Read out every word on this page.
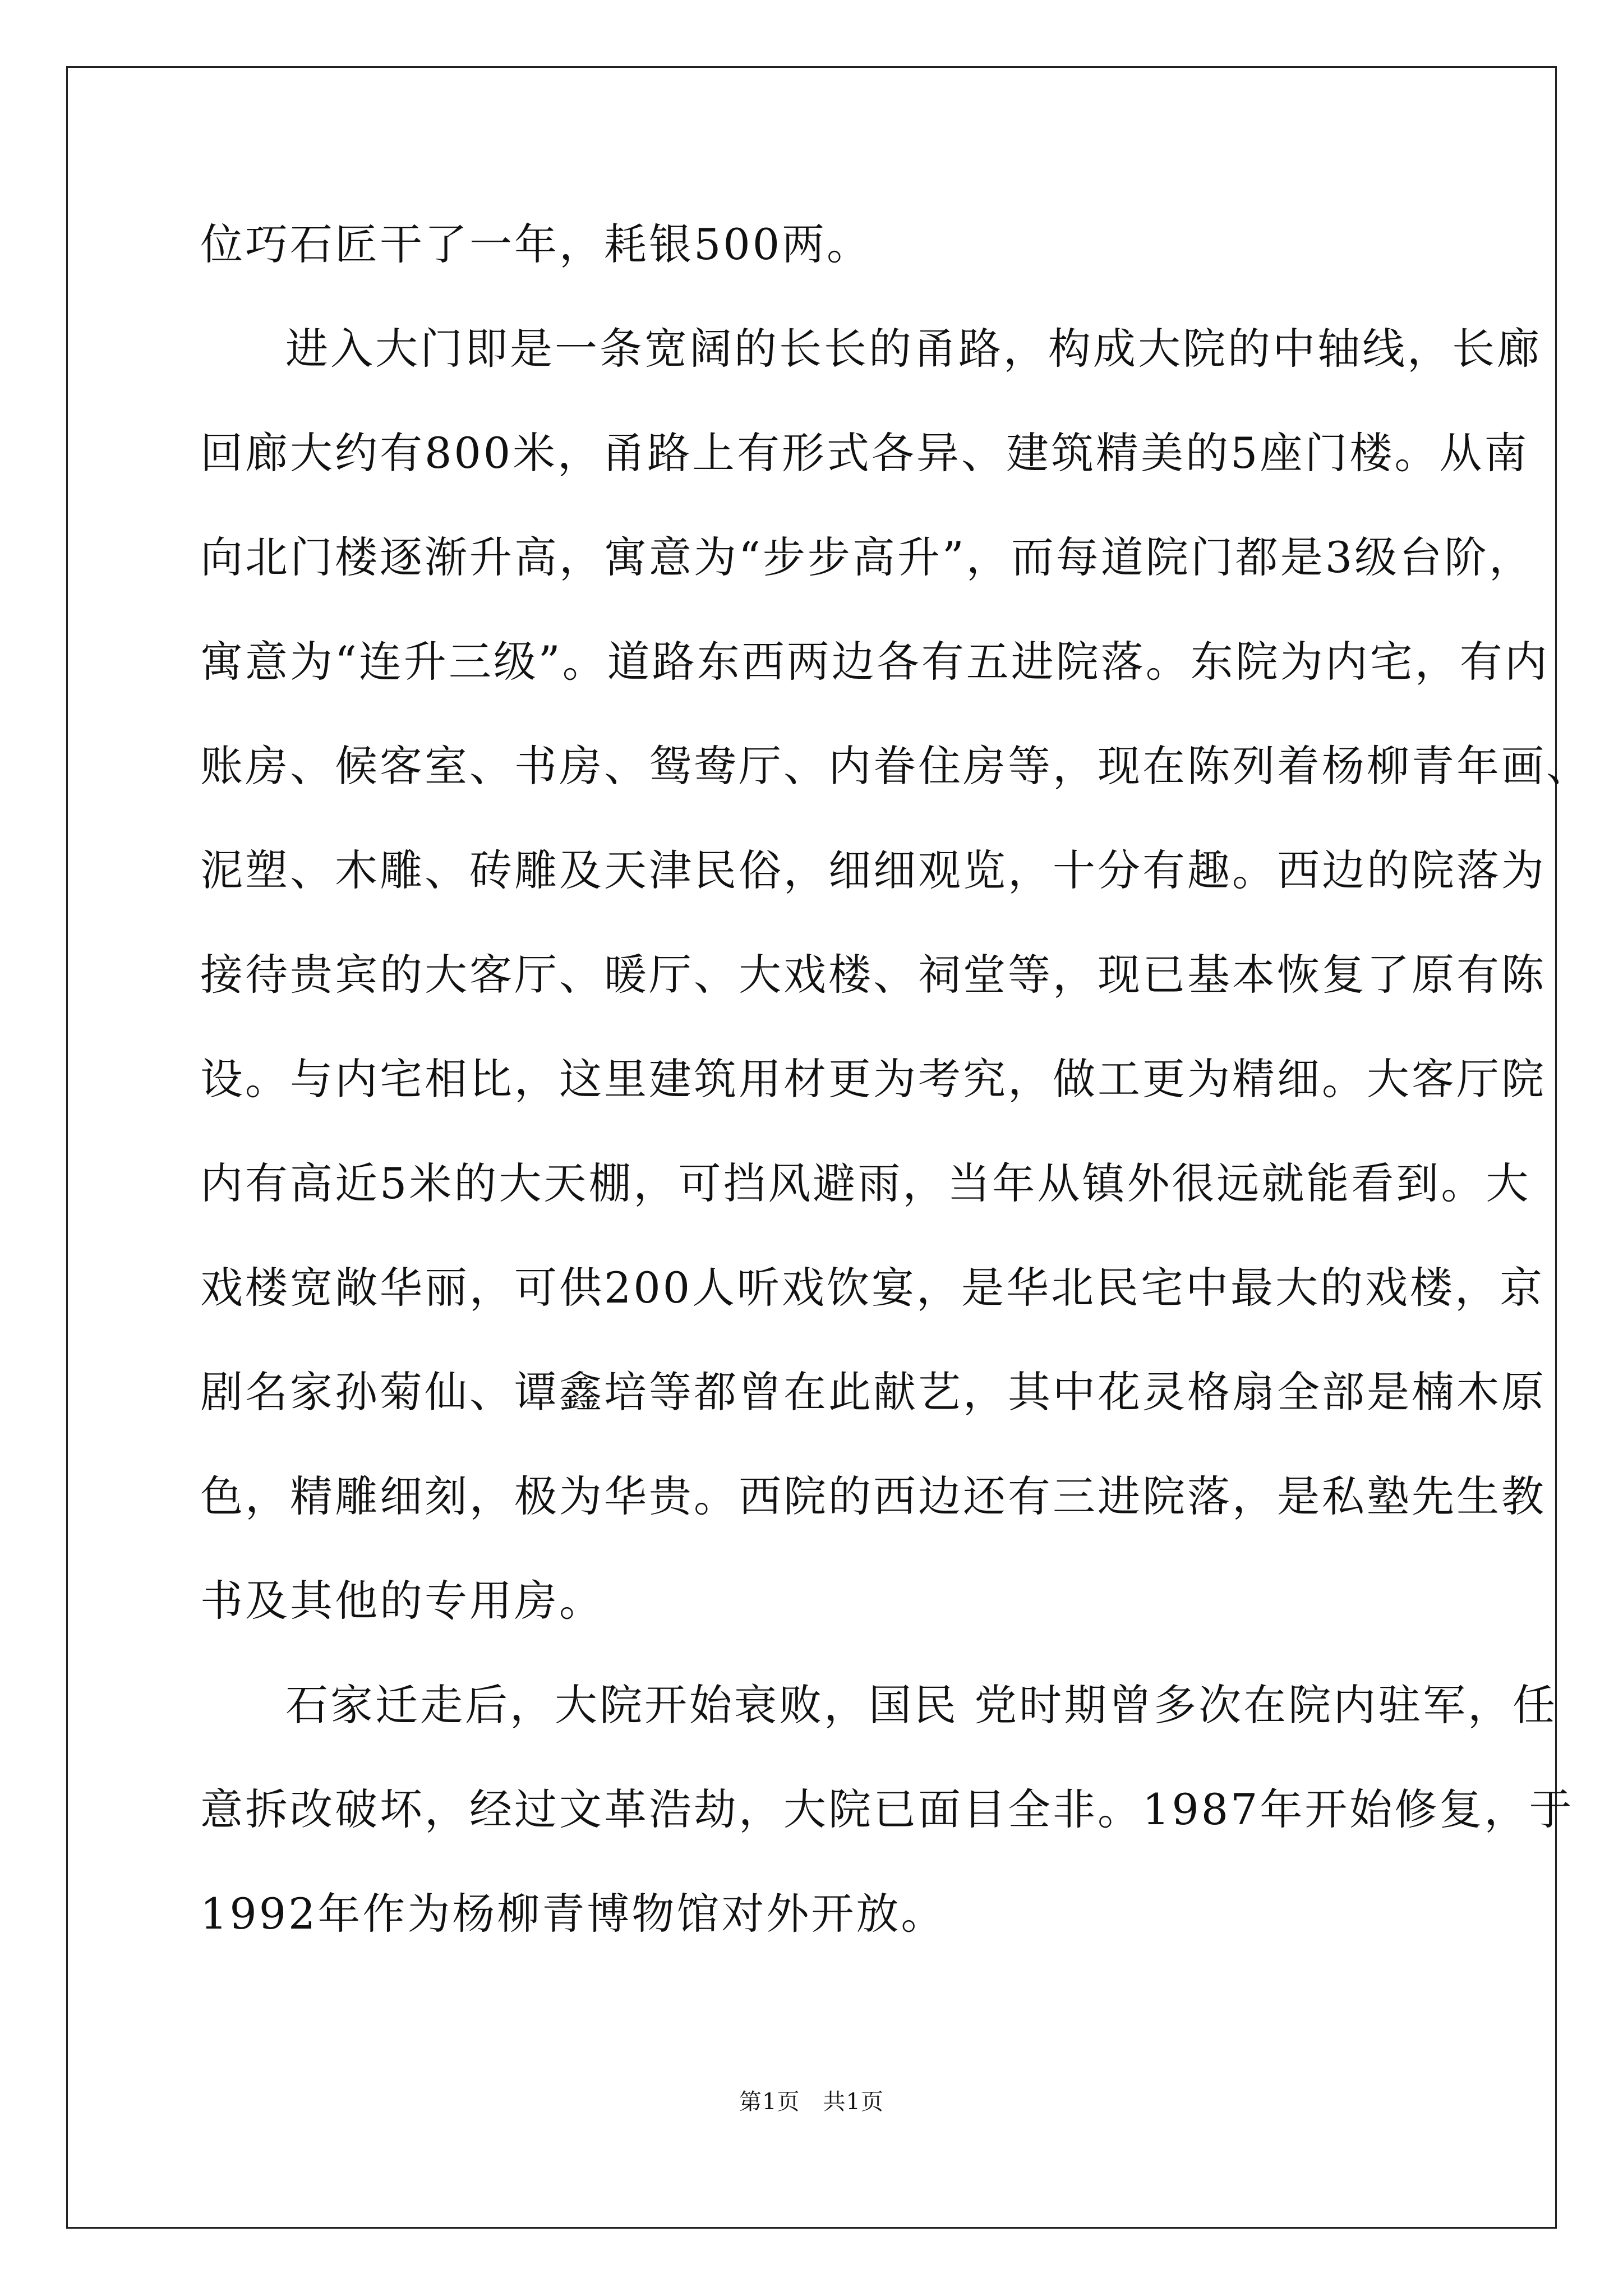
位巧石匠干了一年，耗银500两。
进入大门即是一条宽阔的长长的甬路，构成大院的中轴线，长廊
回廊大约有800米，甬路上有形式各异、建筑精美的5座门楼。从南
向北门楼逐渐升高，寓意为“步步高升”，而每道院门都是3级台阶，
寓意为“连升三级”。道路东西两边各有五进院落。东院为内宅，有内
账房、候客室、书房、鸳鸯厅、内眷住房等，现在陈列着杨柳青年画、
泥塑、木雕、砖雕及天津民俗，细细观览，十分有趣。西边的院落为
接待贵宾的大客厅、暖厅、大戏楼、祠堂等，现已基本恢复了原有陈
设。与内宅相比，这里建筑用材更为考究，做工更为精细。大客厅院
内有高近5米的大天棚，可挡风避雨，当年从镇外很远就能看到。大
戏楼宽敞华丽，可供200人听戏饮宴，是华北民宅中最大的戏楼，京
剧名家孙菊仙、谭鑫培等都曾在此献艺，其中花灵格扇全部是楠木原
色，精雕细刻，极为华贵。西院的西边还有三进院落，是私塾先生教
书及其他的专用房。
石家迁走后，大院开始衰败，国民 党时期曾多次在院内驻军，任
意拆改破坏，经过文革浩劫，大院已面目全非。1987年开始修复，于
1992年作为杨柳青博物馆对外开放。
第1页　共1页
